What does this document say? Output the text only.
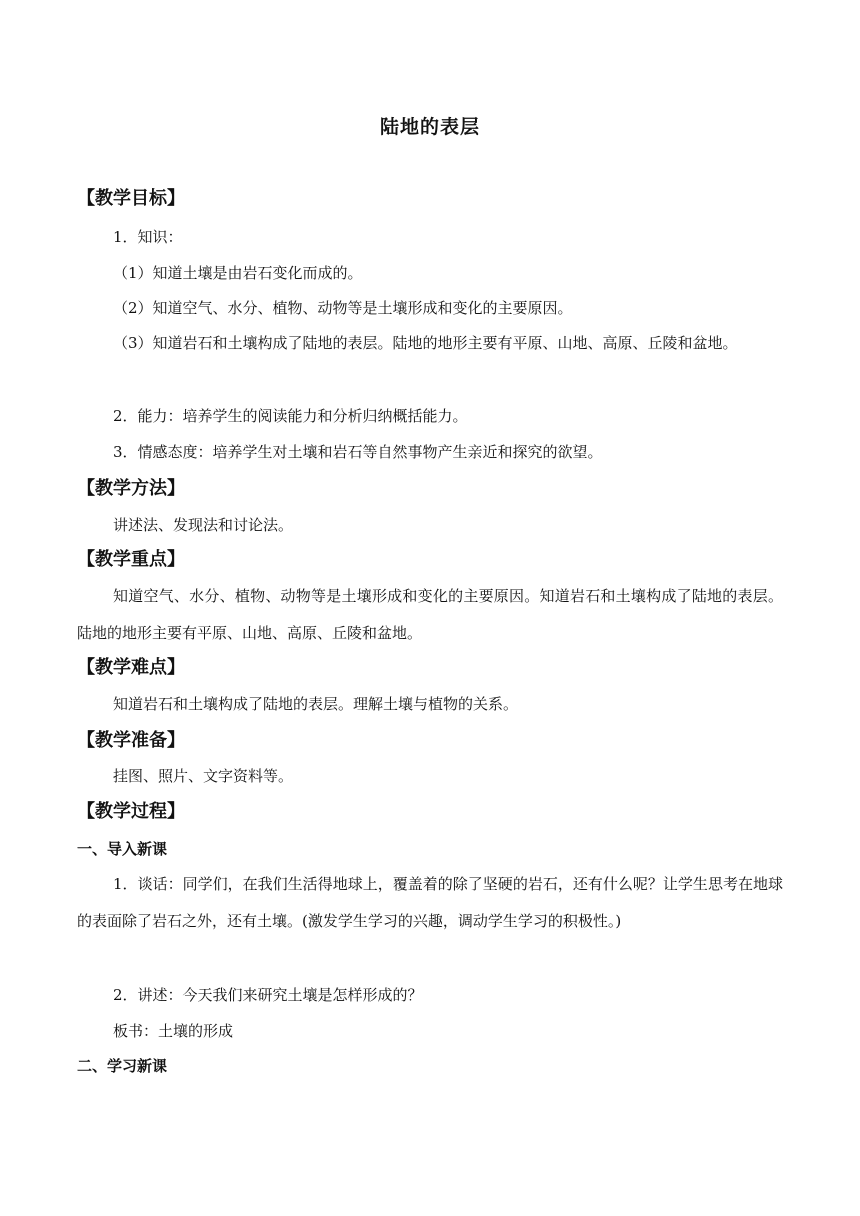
陆地的表层
【教学目标】
1．知识：
（1）知道土壤是由岩石变化而成的。
（2）知道空气、水分、植物、动物等是土壤形成和变化的主要原因。
（3）知道岩石和土壤构成了陆地的表层。陆地的地形主要有平原、山地、高原、丘陵和盆地。
2．能力：培养学生的阅读能力和分析归纳概括能力。
3．情感态度：培养学生对土壤和岩石等自然事物产生亲近和探究的欲望。
【教学方法】
讲述法、发现法和讨论法。
【教学重点】
知道空气、水分、植物、动物等是土壤形成和变化的主要原因。知道岩石和土壤构成了陆地的表层。陆地的地形主要有平原、山地、高原、丘陵和盆地。
【教学难点】
知道岩石和土壤构成了陆地的表层。理解土壤与植物的关系。
【教学准备】
挂图、照片、文字资料等。
【教学过程】
一、导入新课
1．谈话：同学们，在我们生活得地球上，覆盖着的除了坚硬的岩石，还有什么呢？让学生思考在地球的表面除了岩石之外，还有土壤。(激发学生学习的兴趣，调动学生学习的积极性。)
2．讲述：今天我们来研究土壤是怎样形成的？
板书：土壤的形成
二、学习新课
